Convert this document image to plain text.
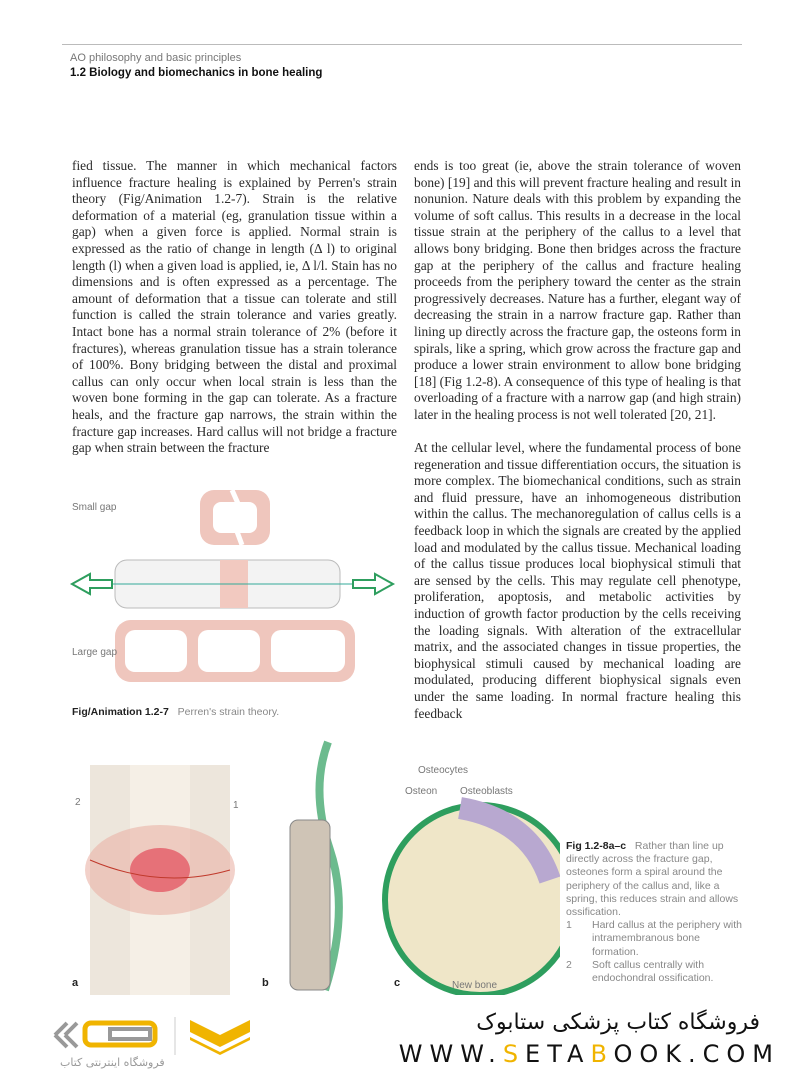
AO philosophy and basic principles
1.2 Biology and biomechanics in bone healing

fied tissue. The manner in which mechanical factors influence fracture healing is explained by Perren's strain theory (Fig/Animation 1.2-7). Strain is the relative deformation of a material (eg, granulation tissue within a gap) when a given force is applied. Normal strain is expressed as the ratio of change in length (Δ l) to original length (l) when a given load is applied, ie, Δ l/l. Stain has no dimensions and is often expressed as a percentage. The amount of deformation that a tissue can tolerate and still function is called the strain tolerance and varies greatly. Intact bone has a normal strain tolerance of 2% (before it fractures), whereas granulation tissue has a strain tolerance of 100%. Bony bridging between the distal and proximal callus can only occur when local strain is less than the woven bone forming in the gap can tolerate. As a fracture heals, and the fracture gap narrows, the strain within the fracture gap increases. Hard callus will not bridge a fracture gap when strain between the fracture

ends is too great (ie, above the strain tolerance of woven bone) [19] and this will prevent fracture healing and result in nonunion. Nature deals with this problem by expanding the volume of soft callus. This results in a decrease in the local tissue strain at the periphery of the callus to a level that allows bony bridging. Bone then bridges across the fracture gap at the periphery of the callus and fracture healing proceeds from the periphery toward the center as the strain progressively decreases. Nature has a further, elegant way of decreasing the strain in a narrow fracture gap. Rather than lining up directly across the fracture gap, the osteons form in spirals, like a spring, which grow across the fracture gap and produce a lower strain environment to allow bone bridging [18] (Fig 1.2-8). A consequence of this type of healing is that overloading of a fracture with a narrow gap (and high strain) later in the healing process is not well tolerated [20, 21].

At the cellular level, where the fundamental process of bone regeneration and tissue differentiation occurs, the situation is more complex. The biomechanical conditions, such as strain and fluid pressure, have an inhomogeneous distribution within the callus. The mechanoregulation of callus cells is a feedback loop in which the signals are created by the applied load and modulated by the callus tissue. Mechanical loading of the callus tissue produces local biophysical stimuli that are sensed by the cells. This may regulate cell phenotype, proliferation, apoptosis, and metabolic activities by induction of growth factor production by the cells receiving the loading signals. With alteration of the extracellular matrix, and the associated changes in tissue properties, the biophysical stimuli caused by mechanical loading are modulated, producing different biophysical signals even under the same loading. In normal fracture healing this feedback

Small gap
Large gap
Fig/Animation 1.2-7 Perren's strain theory.
2	1
a	b	c
Osteocytes
Osteon Osteoblasts
New bone
Fig 1.2-8a–c Rather than line up directly across the fracture gap, osteones form a spiral around the periphery of the callus and, like a spring, this reduces strain and allows ossification.
1	Hard callus at the periphery with intramembranous bone formation.
2	Soft callus centrally with endochondral ossification.
فروشگاه اینترنتی کتاب
فروشگاه کتاب پزشکی ستابوک
WWW.SETABOOK.COM
